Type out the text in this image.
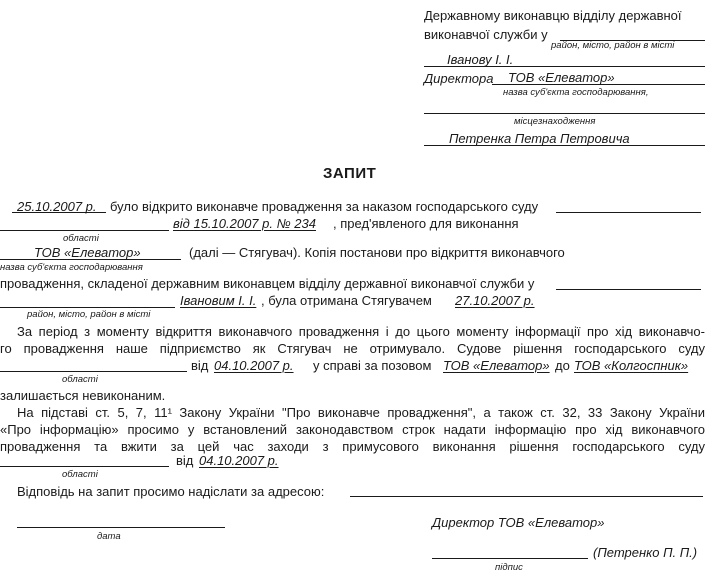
Державному виконавцю відділу державної
виконавчої служби у
район, місто, район в місті
Іванову І. І.
Директора ТОВ «Елеватор»
назва суб'єкта господарювання,
місцезнаходження
Петренка Петра Петровича
ЗАПИТ
25.10.2007 р. було відкрито виконавче провадження за наказом господарського суду
від 15.10.2007 р. № 234 , пред'явленого для виконання
області
ТОВ «Елеватор»	(далі — Стягувач). Копія постанови про відкриття виконавчого
назва суб'єкта господарювання
провадження, складеної державним виконавцем відділу державної виконавчої служби у
Івановим І. І. , була отримана Стягувачем 27.10.2007 р.
район, місто, район в місті
За період з моменту відкриття виконавчого провадження і до цього моменту інформації про хід виконавчо-
го провадження наше підприємство як Стягувач не отримувало. Судове рішення господарського суду
від 04.10.2007 р. у справі за позовом ТОВ «Елеватор» до ТОВ «Колгоспник»
області
залишається невиконаним.
На підставі ст. 5, 7, 11¹ Закону України "Про виконавче провадження", а також ст. 32, 33 Закону України
«Про інформацію» просимо у встановлений законодавством строк надати інформацію про хід виконавчого
провадження та вжити за цей час заходи з примусового виконання рішення господарського суду
від 04.10.2007 р.
області
Відповідь на запит просимо надіслати за адресою:
дата
Директор ТОВ «Елеватор»
(Петренко П. П.)
підпис
